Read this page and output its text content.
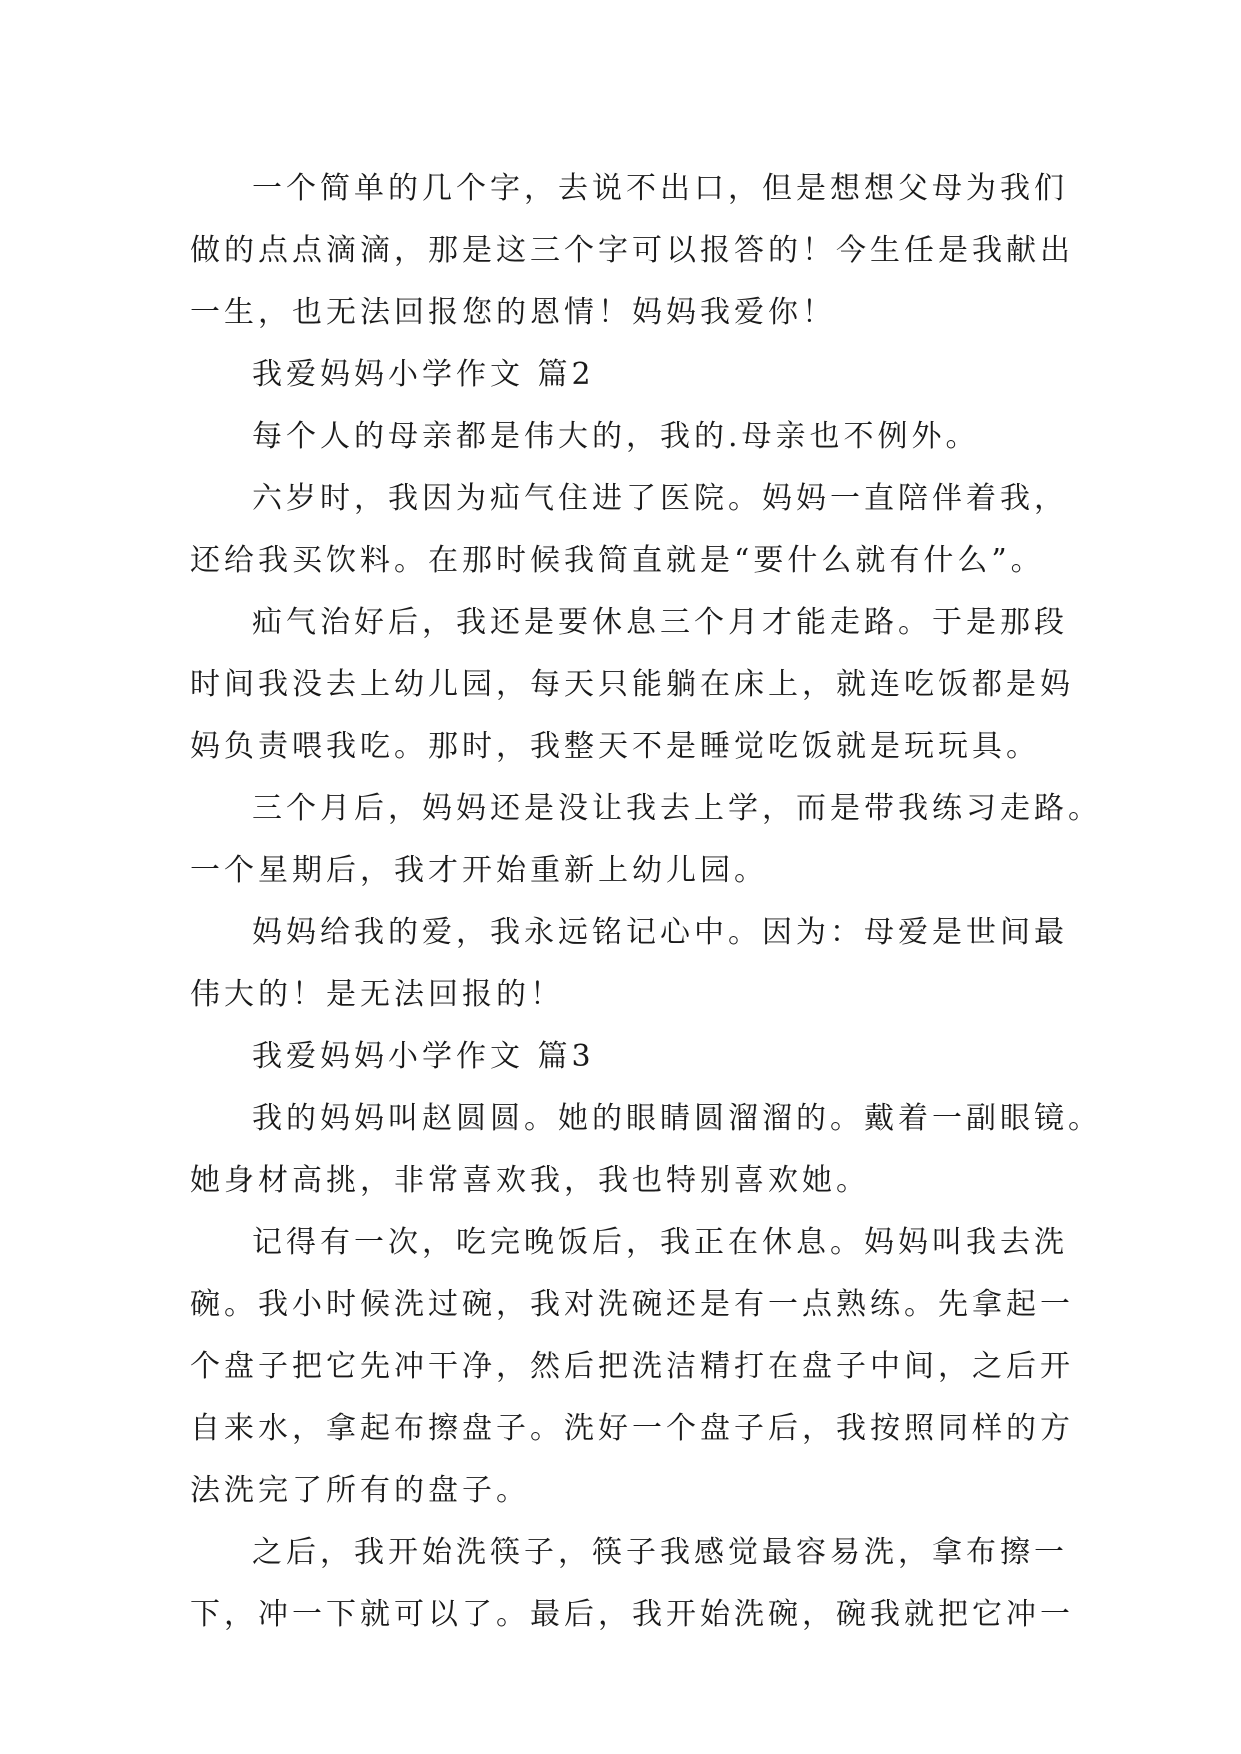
一个简单的几个字，去说不出口，但是想想父母为我们
做的点点滴滴，那是这三个字可以报答的！今生任是我献出
一生，也无法回报您的恩情！妈妈我爱你！
我爱妈妈小学作文 篇2
每个人的母亲都是伟大的，我的.母亲也不例外。
六岁时，我因为疝气住进了医院。妈妈一直陪伴着我，
还给我买饮料。在那时候我简直就是“要什么就有什么”。
疝气治好后，我还是要休息三个月才能走路。于是那段
时间我没去上幼儿园，每天只能躺在床上，就连吃饭都是妈
妈负责喂我吃。那时，我整天不是睡觉吃饭就是玩玩具。
三个月后，妈妈还是没让我去上学，而是带我练习走路。
一个星期后，我才开始重新上幼儿园。
妈妈给我的爱，我永远铭记心中。因为：母爱是世间最
伟大的！是无法回报的！
我爱妈妈小学作文 篇3
我的妈妈叫赵圆圆。她的眼睛圆溜溜的。戴着一副眼镜。
她身材高挑，非常喜欢我，我也特别喜欢她。
记得有一次，吃完晚饭后，我正在休息。妈妈叫我去洗
碗。我小时候洗过碗，我对洗碗还是有一点熟练。先拿起一
个盘子把它先冲干净，然后把洗洁精打在盘子中间，之后开
自来水，拿起布擦盘子。洗好一个盘子后，我按照同样的方
法洗完了所有的盘子。
之后，我开始洗筷子，筷子我感觉最容易洗，拿布擦一
下，冲一下就可以了。最后，我开始洗碗，碗我就把它冲一
